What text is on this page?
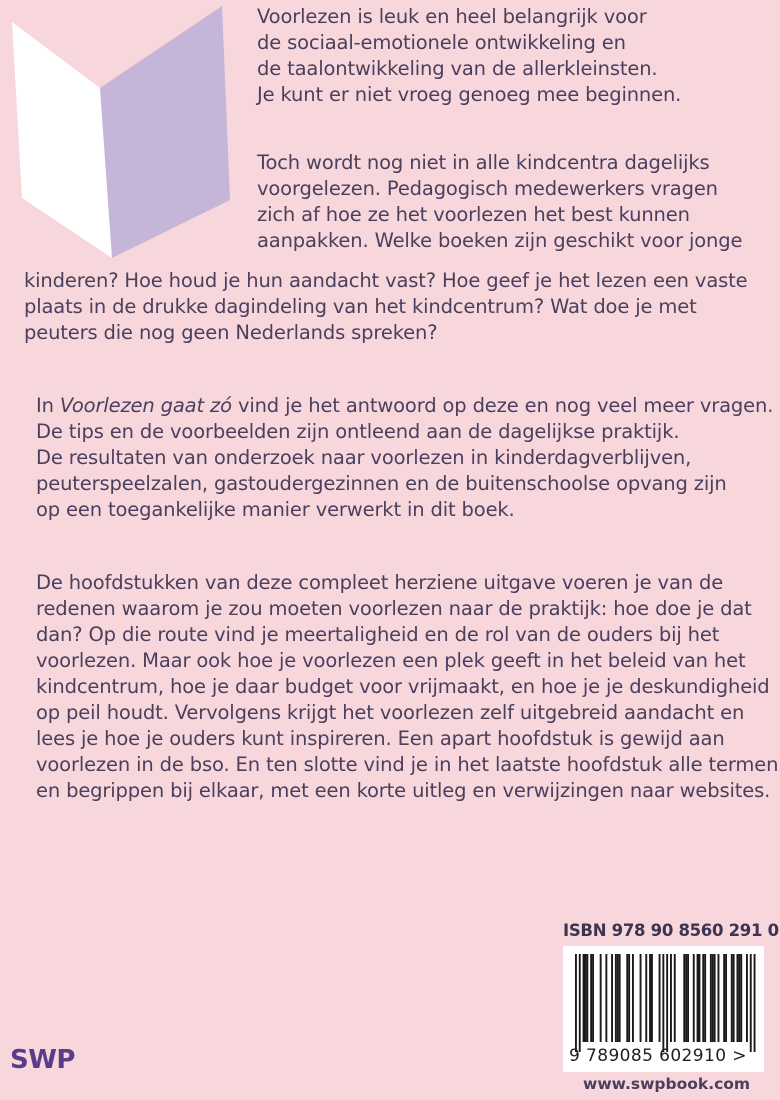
Voorlezen is leuk en heel belangrijk voor
de sociaal-emotionele ontwikkeling en
de taalontwikkeling van de allerkleinsten.
Je kunt er niet vroeg genoeg mee beginnen.
Toch wordt nog niet in alle kindcentra dagelijks
voorgelezen. Pedagogisch medewerkers vragen
zich af hoe ze het voorlezen het best kunnen
aanpakken. Welke boeken zijn geschikt voor jonge
kinderen? Hoe houd je hun aandacht vast? Hoe geef je het lezen een vaste
plaats in de drukke dagindeling van het kindcentrum? Wat doe je met
peuters die nog geen Nederlands spreken?
In Voorlezen gaat zó vind je het antwoord op deze en nog veel meer vragen.
De tips en de voorbeelden zijn ontleend aan de dagelijkse praktijk.
De resultaten van onderzoek naar voorlezen in kinderdagverblijven,
peuterspeelzalen, gastoudergezinnen en de buitenschoolse opvang zijn
op een toegankelijke manier verwerkt in dit boek.
De hoofdstukken van deze compleet herziene uitgave voeren je van de
redenen waarom je zou moeten voorlezen naar de praktijk: hoe doe je dat
dan? Op die route vind je meertaligheid en de rol van de ouders bij het
voorlezen. Maar ook hoe je voorlezen een plek geeft in het beleid van het
kindcentrum, hoe je daar budget voor vrijmaakt, en hoe je je deskundigheid
op peil houdt. Vervolgens krijgt het voorlezen zelf uitgebreid aandacht en
lees je hoe je ouders kunt inspireren. Een apart hoofdstuk is gewijd aan
voorlezen in de bso. En ten slotte vind je in het laatste hoofdstuk alle termen
en begrippen bij elkaar, met een korte uitleg en verwijzingen naar websites.

ISBN 978 90 8560 291 0

9 789085 602910 >

www.swpbook.com

SWP
